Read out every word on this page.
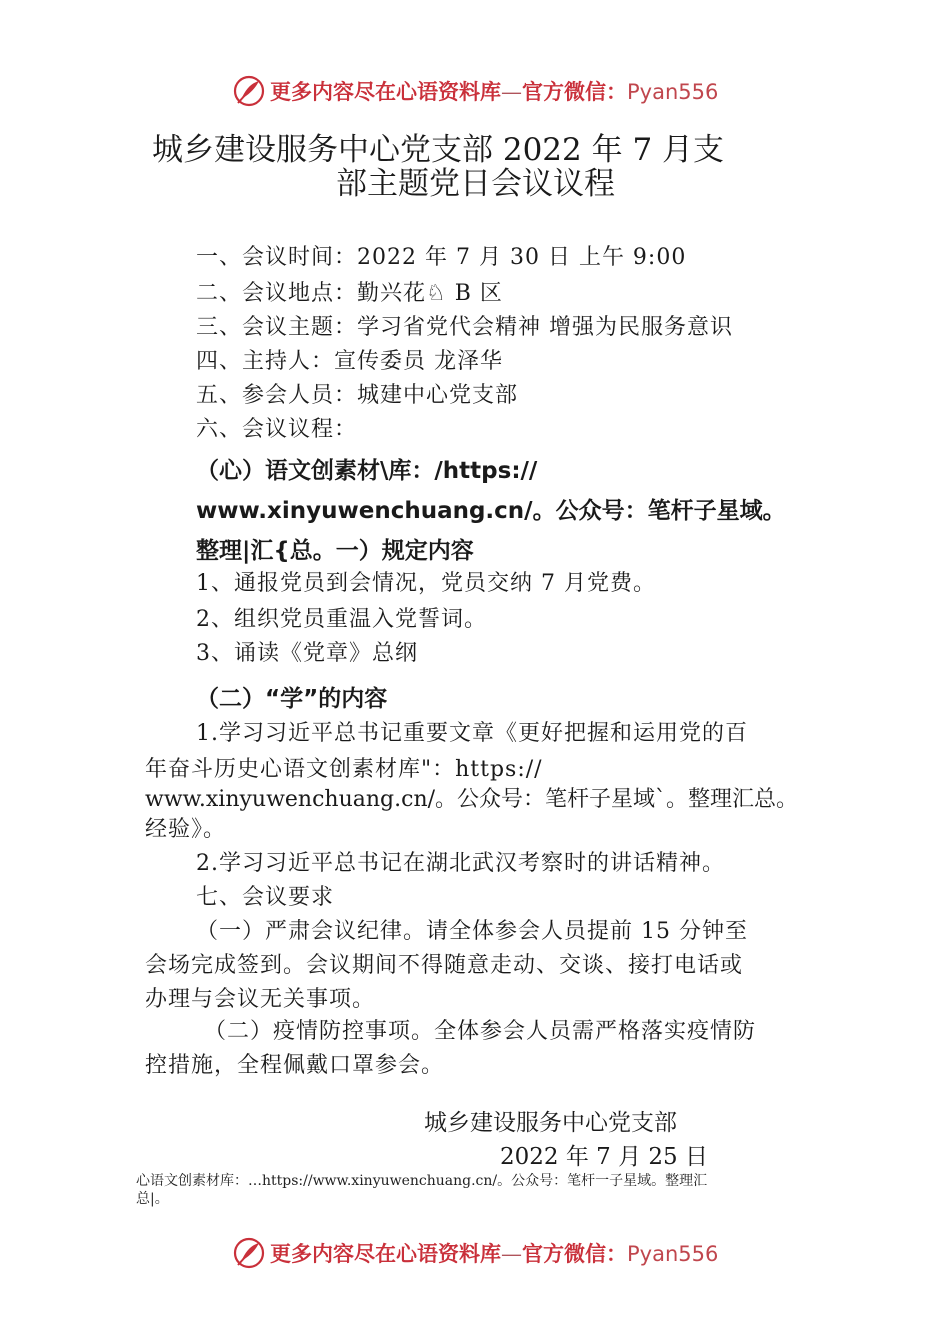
更多内容尽在心语资料库—官方微信：Pyan556
城乡建设服务中心党支部 2022 年 7 月支
部主题党日会议议程
一、会议时间：2022 年 7 月 30 日 上午 9:00
二、会议地点：勤兴花♘ B 区
三、会议主题：学习省党代会精神 增强为民服务意识
四、主持人：宣传委员 龙泽华
五、参会人员：城建中心党支部
六、会议议程：
（心）语文创素材\库：/https://
www.xinyuwenchuang.cn/。公众号：笔杆子星域。
整理|汇{总。一）规定内容
1、通报党员到会情况，党员交纳 7 月党费。
2、组织党员重温入党誓词。
3、诵读《党章》总纲
（二）“学”的内容
1.学习习近平总书记重要文章《更好把握和运用党的百
年奋斗历史心语文创素材库"：https://
www.xinyuwenchuang.cn/。公众号：笔杆子星域`。整理汇总。
经验》。
2.学习习近平总书记在湖北武汉考察时的讲话精神。
七、会议要求
（一）严肃会议纪律。请全体参会人员提前 15 分钟至
会场完成签到。会议期间不得随意走动、交谈、接打电话或
办理与会议无关事项。
（二）疫情防控事项。全体参会人员需严格落实疫情防
控措施，全程佩戴口罩参会。
城乡建设服务中心党支部
2022 年 7 月 25 日
心语文创素材库：…https://www.xinyuwenchuang.cn/。公众号：笔杆一子星域。整理汇
总|。
更多内容尽在心语资料库—官方微信：Pyan556
